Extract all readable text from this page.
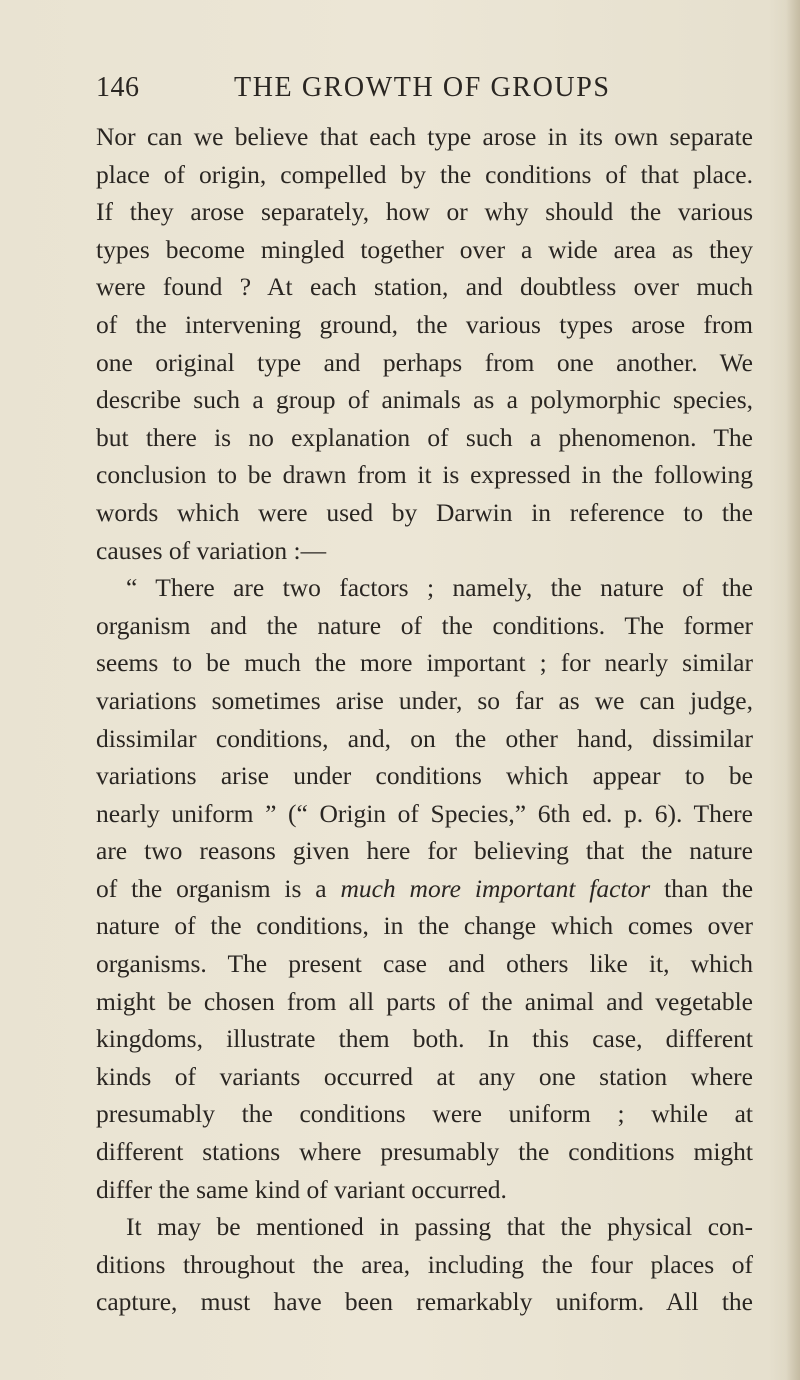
146	THE GROWTH OF GROUPS
Nor can we believe that each type arose in its own separate
place of origin, compelled by the conditions of that place.
If they arose separately, how or why should the various
types become mingled together over a wide area as they
were found ? At each station, and doubtless over much
of the intervening ground, the various types arose from
one original type and perhaps from one another. We
describe such a group of animals as a polymorphic species,
but there is no explanation of such a phenomenon. The
conclusion to be drawn from it is expressed in the following
words which were used by Darwin in reference to the
causes of variation :—
“ There are two factors ; namely, the nature of the
organism and the nature of the conditions. The former
seems to be much the more important ; for nearly similar
variations sometimes arise under, so far as we can judge,
dissimilar conditions, and, on the other hand, dissimilar
variations arise under conditions which appear to be
nearly uniform ” (“ Origin of Species,” 6th ed. p. 6). There
are two reasons given here for believing that the nature
of the organism is a much more important factor than the
nature of the conditions, in the change which comes over
organisms. The present case and others like it, which
might be chosen from all parts of the animal and vegetable
kingdoms, illustrate them both. In this case, different
kinds of variants occurred at any one station where
presumably the conditions were uniform ; while at
different stations where presumably the conditions might
differ the same kind of variant occurred.
It may be mentioned in passing that the physical con-
ditions throughout the area, including the four places of
capture, must have been remarkably uniform. All the
